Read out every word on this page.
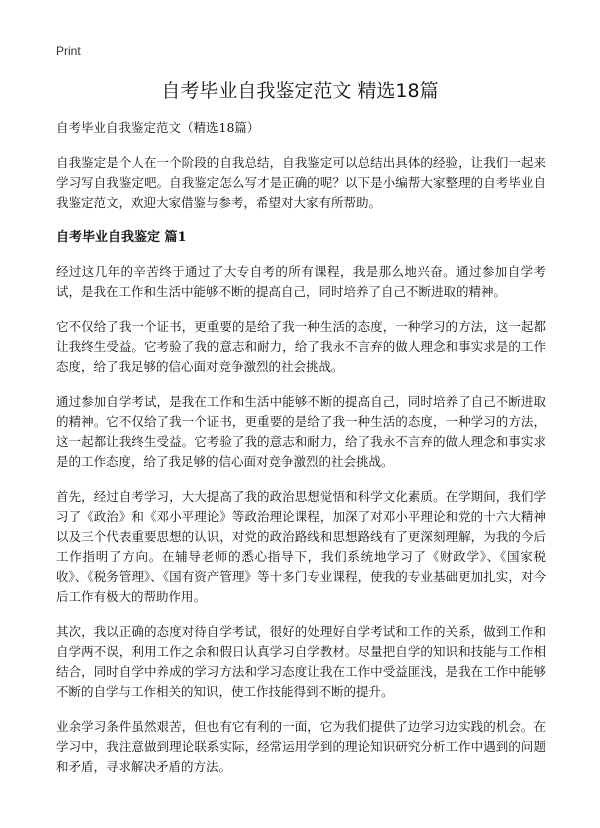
Print
自考毕业自我鉴定范文 精选18篇

自考毕业自我鉴定范文（精选18篇）

自我鉴定是个人在一个阶段的自我总结，自我鉴定可以总结出具体的经验，让我们一起来学习写自我鉴定吧。自我鉴定怎么写才是正确的呢？以下是小编帮大家整理的自考毕业自我鉴定范文，欢迎大家借鉴与参考，希望对大家有所帮助。

自考毕业自我鉴定 篇1

经过这几年的辛苦终于通过了大专自考的所有课程，我是那么地兴奋。通过参加自学考试，是我在工作和生活中能够不断的提高自己，同时培养了自己不断进取的精神。

它不仅给了我一个证书，更重要的是给了我一种生活的态度，一种学习的方法，这一起都让我终生受益。它考验了我的意志和耐力，给了我永不言弃的做人理念和事实求是的工作态度，给了我足够的信心面对竞争激烈的社会挑战。

通过参加自学考试，是我在工作和生活中能够不断的提高自己，同时培养了自己不断进取的精神。它不仅给了我一个证书，更重要的是给了我一种生活的态度，一种学习的方法，这一起都让我终生受益。它考验了我的意志和耐力，给了我永不言弃的做人理念和事实求是的工作态度，给了我足够的信心面对竞争激烈的社会挑战。

首先，经过自考学习，大大提高了我的政治思想觉悟和科学文化素质。在学期间，我们学习了《政治》和《邓小平理论》等政治理论课程，加深了对邓小平理论和党的十六大精神以及三个代表重要思想的认识，对党的政治路线和思想路线有了更深刻理解，为我的今后工作指明了方向。在辅导老师的悉心指导下，我们系统地学习了《财政学》、《国家税收》、《税务管理》、《国有资产管理》等十多门专业课程，使我的专业基础更加扎实，对今后工作有极大的帮助作用。

其次，我以正确的态度对待自学考试，很好的处理好自学考试和工作的关系，做到工作和自学两不误，利用工作之余和假日认真学习自学教材。尽量把自学的知识和技能与工作相结合，同时自学中养成的学习方法和学习态度让我在工作中受益匪浅，是我在工作中能够不断的自学与工作相关的知识，使工作技能得到不断的提升。

业余学习条件虽然艰苦，但也有它有利的一面，它为我们提供了边学习边实践的机会。在学习中，我注意做到理论联系实际，经常运用学到的理论知识研究分析工作中遇到的问题和矛盾，寻求解决矛盾的方法。
